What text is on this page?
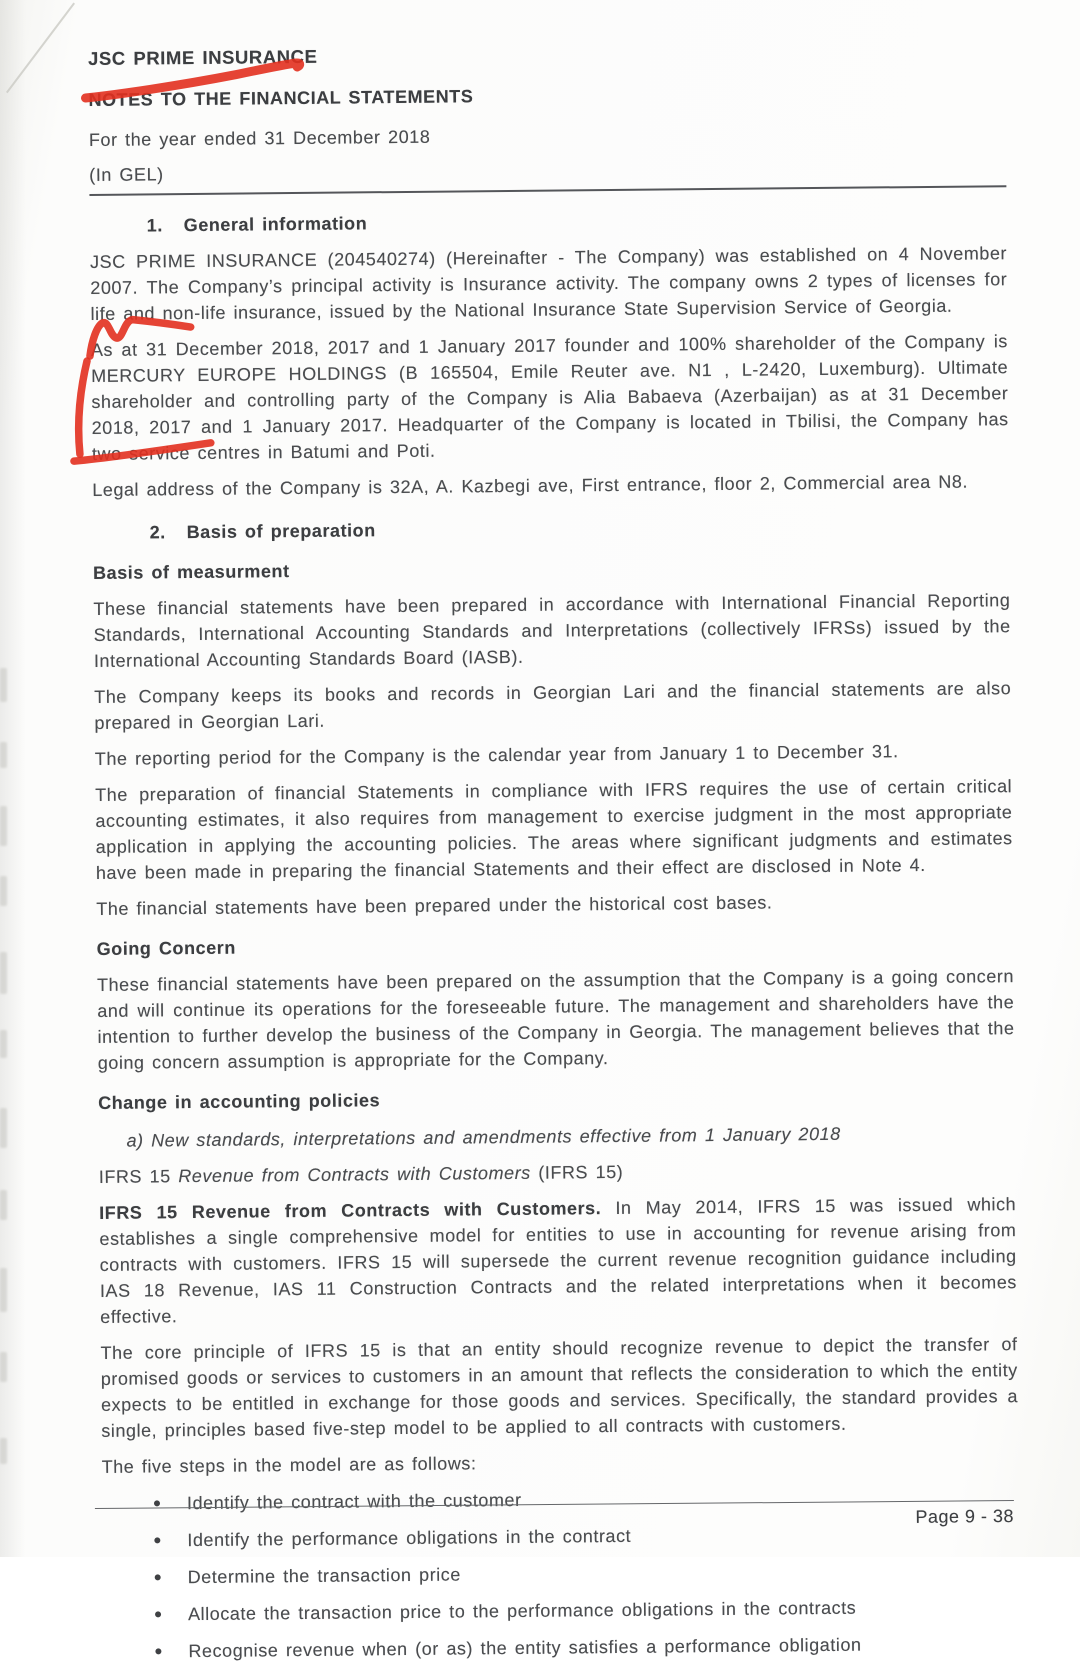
JSC PRIME INSURANCE
NOTES TO THE FINANCIAL STATEMENTS
For the year ended 31 December 2018
(In GEL)
1.	General information

JSC PRIME INSURANCE (204540274) (Hereinafter - The Company) was established on 4 November 2007. The Company’s principal activity is Insurance activity. The company owns 2 types of licenses for life and non-life insurance, issued by the National Insurance State Supervision Service of Georgia.

As at 31 December 2018, 2017 and 1 January 2017 founder and 100% shareholder of the Company is MERCURY EUROPE HOLDINGS (B 165504, Emile Reuter ave. N1 , L-2420, Luxemburg). Ultimate shareholder and controlling party of the Company is Alia Babaeva (Azerbaijan) as at 31 December 2018, 2017 and 1 January 2017. Headquarter of the Company is located in Tbilisi, the Company has two service centres in Batumi and Poti.

Legal address of the Company is 32A, A. Kazbegi ave, First entrance, floor 2, Commercial area N8.

2.	Basis of preparation
Basis of measurment

These financial statements have been prepared in accordance with International Financial Reporting Standards, International Accounting Standards and Interpretations (collectively IFRSs) issued by the International Accounting Standards Board (IASB).

The Company keeps its books and records in Georgian Lari and the financial statements are also prepared in Georgian Lari.

The reporting period for the Company is the calendar year from January 1 to December 31.

The preparation of financial Statements in compliance with IFRS requires the use of certain critical accounting estimates, it also requires from management to exercise judgment in the most appropriate application in applying the accounting policies. The areas where significant judgments and estimates have been made in preparing the financial Statements and their effect are disclosed in Note 4.

The financial statements have been prepared under the historical cost bases.

Going Concern

These financial statements have been prepared on the assumption that the Company is a going concern and will continue its operations for the foreseeable future. The management and shareholders have the intention to further develop the business of the Company in Georgia. The management believes that the going concern assumption is appropriate for the Company.

Change in accounting policies
a) New standards, interpretations and amendments effective from 1 January 2018
IFRS 15 Revenue from Contracts with Customers (IFRS 15)

IFRS 15 Revenue from Contracts with Customers. In May 2014, IFRS 15 was issued which establishes a single comprehensive model for entities to use in accounting for revenue arising from contracts with customers. IFRS 15 will supersede the current revenue recognition guidance including IAS 18 Revenue, IAS 11 Construction Contracts and the related interpretations when it becomes effective.

The core principle of IFRS 15 is that an entity should recognize revenue to depict the transfer of promised goods or services to customers in an amount that reflects the consideration to which the entity expects to be entitled in exchange for those goods and services. Specifically, the standard provides a single, principles based five-step model to be applied to all contracts with customers.

The five steps in the model are as follows:

Identify the contract with the customer
Identify the performance obligations in the contract
Determine the transaction price
Allocate the transaction price to the performance obligations in the contracts
Recognise revenue when (or as) the entity satisfies a performance obligation
Page 9 - 38
